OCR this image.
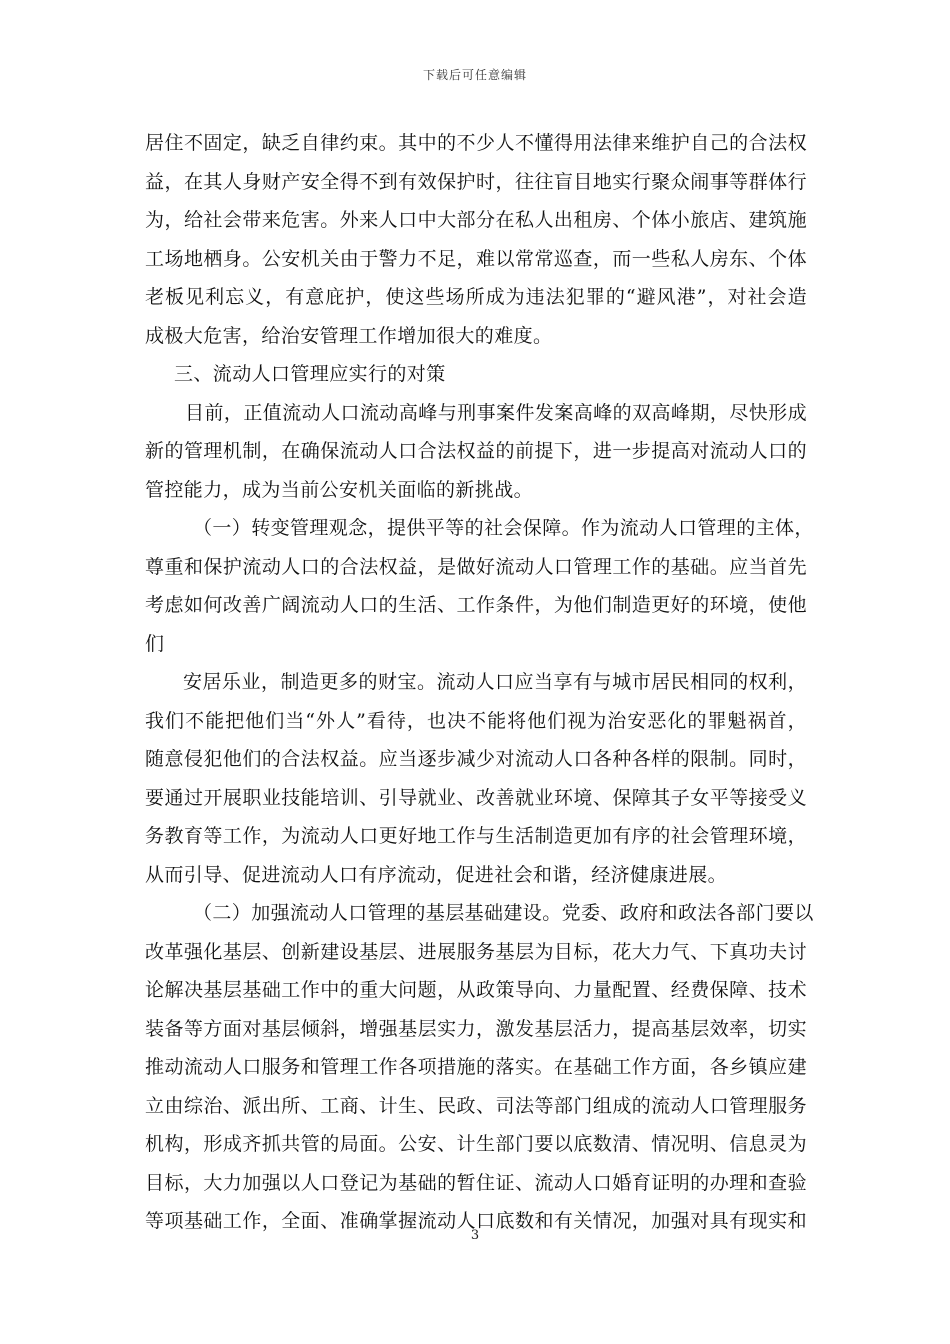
下载后可任意编辑
居住不固定，缺乏自律约束。其中的不少人不懂得用法律来维护自己的合法权
益，在其人身财产安全得不到有效保护时，往往盲目地实行聚众闹事等群体行
为，给社会带来危害。外来人口中大部分在私人出租房、个体小旅店、建筑施
工场地栖身。公安机关由于警力不足，难以常常巡查，而一些私人房东、个体
老板见利忘义，有意庇护，使这些场所成为违法犯罪的“避风港”，对社会造
成极大危害，给治安管理工作增加很大的难度。
三、流动人口管理应实行的对策
目前，正值流动人口流动高峰与刑事案件发案高峰的双高峰期，尽快形成
新的管理机制，在确保流动人口合法权益的前提下，进一步提高对流动人口的
管控能力，成为当前公安机关面临的新挑战。
（一）转变管理观念，提供平等的社会保障。作为流动人口管理的主体，
尊重和保护流动人口的合法权益，是做好流动人口管理工作的基础。应当首先
考虑如何改善广阔流动人口的生活、工作条件，为他们制造更好的环境，使他
们
安居乐业，制造更多的财宝。流动人口应当享有与城市居民相同的权利，
我们不能把他们当“外人”看待，也决不能将他们视为治安恶化的罪魁祸首，
随意侵犯他们的合法权益。应当逐步减少对流动人口各种各样的限制。同时，
要通过开展职业技能培训、引导就业、改善就业环境、保障其子女平等接受义
务教育等工作，为流动人口更好地工作与生活制造更加有序的社会管理环境，
从而引导、促进流动人口有序流动，促进社会和谐，经济健康进展。
（二）加强流动人口管理的基层基础建设。党委、政府和政法各部门要以
改革强化基层、创新建设基层、进展服务基层为目标，花大力气、下真功夫讨
论解决基层基础工作中的重大问题，从政策导向、力量配置、经费保障、技术
装备等方面对基层倾斜，增强基层实力，激发基层活力，提高基层效率，切实
推动流动人口服务和管理工作各项措施的落实。在基础工作方面，各乡镇应建
立由综治、派出所、工商、计生、民政、司法等部门组成的流动人口管理服务
机构，形成齐抓共管的局面。公安、计生部门要以底数清、情况明、信息灵为
目标，大力加强以人口登记为基础的暂住证、流动人口婚育证明的办理和查验
等项基础工作，全面、准确掌握流动人口底数和有关情况，加强对具有现实和
3
